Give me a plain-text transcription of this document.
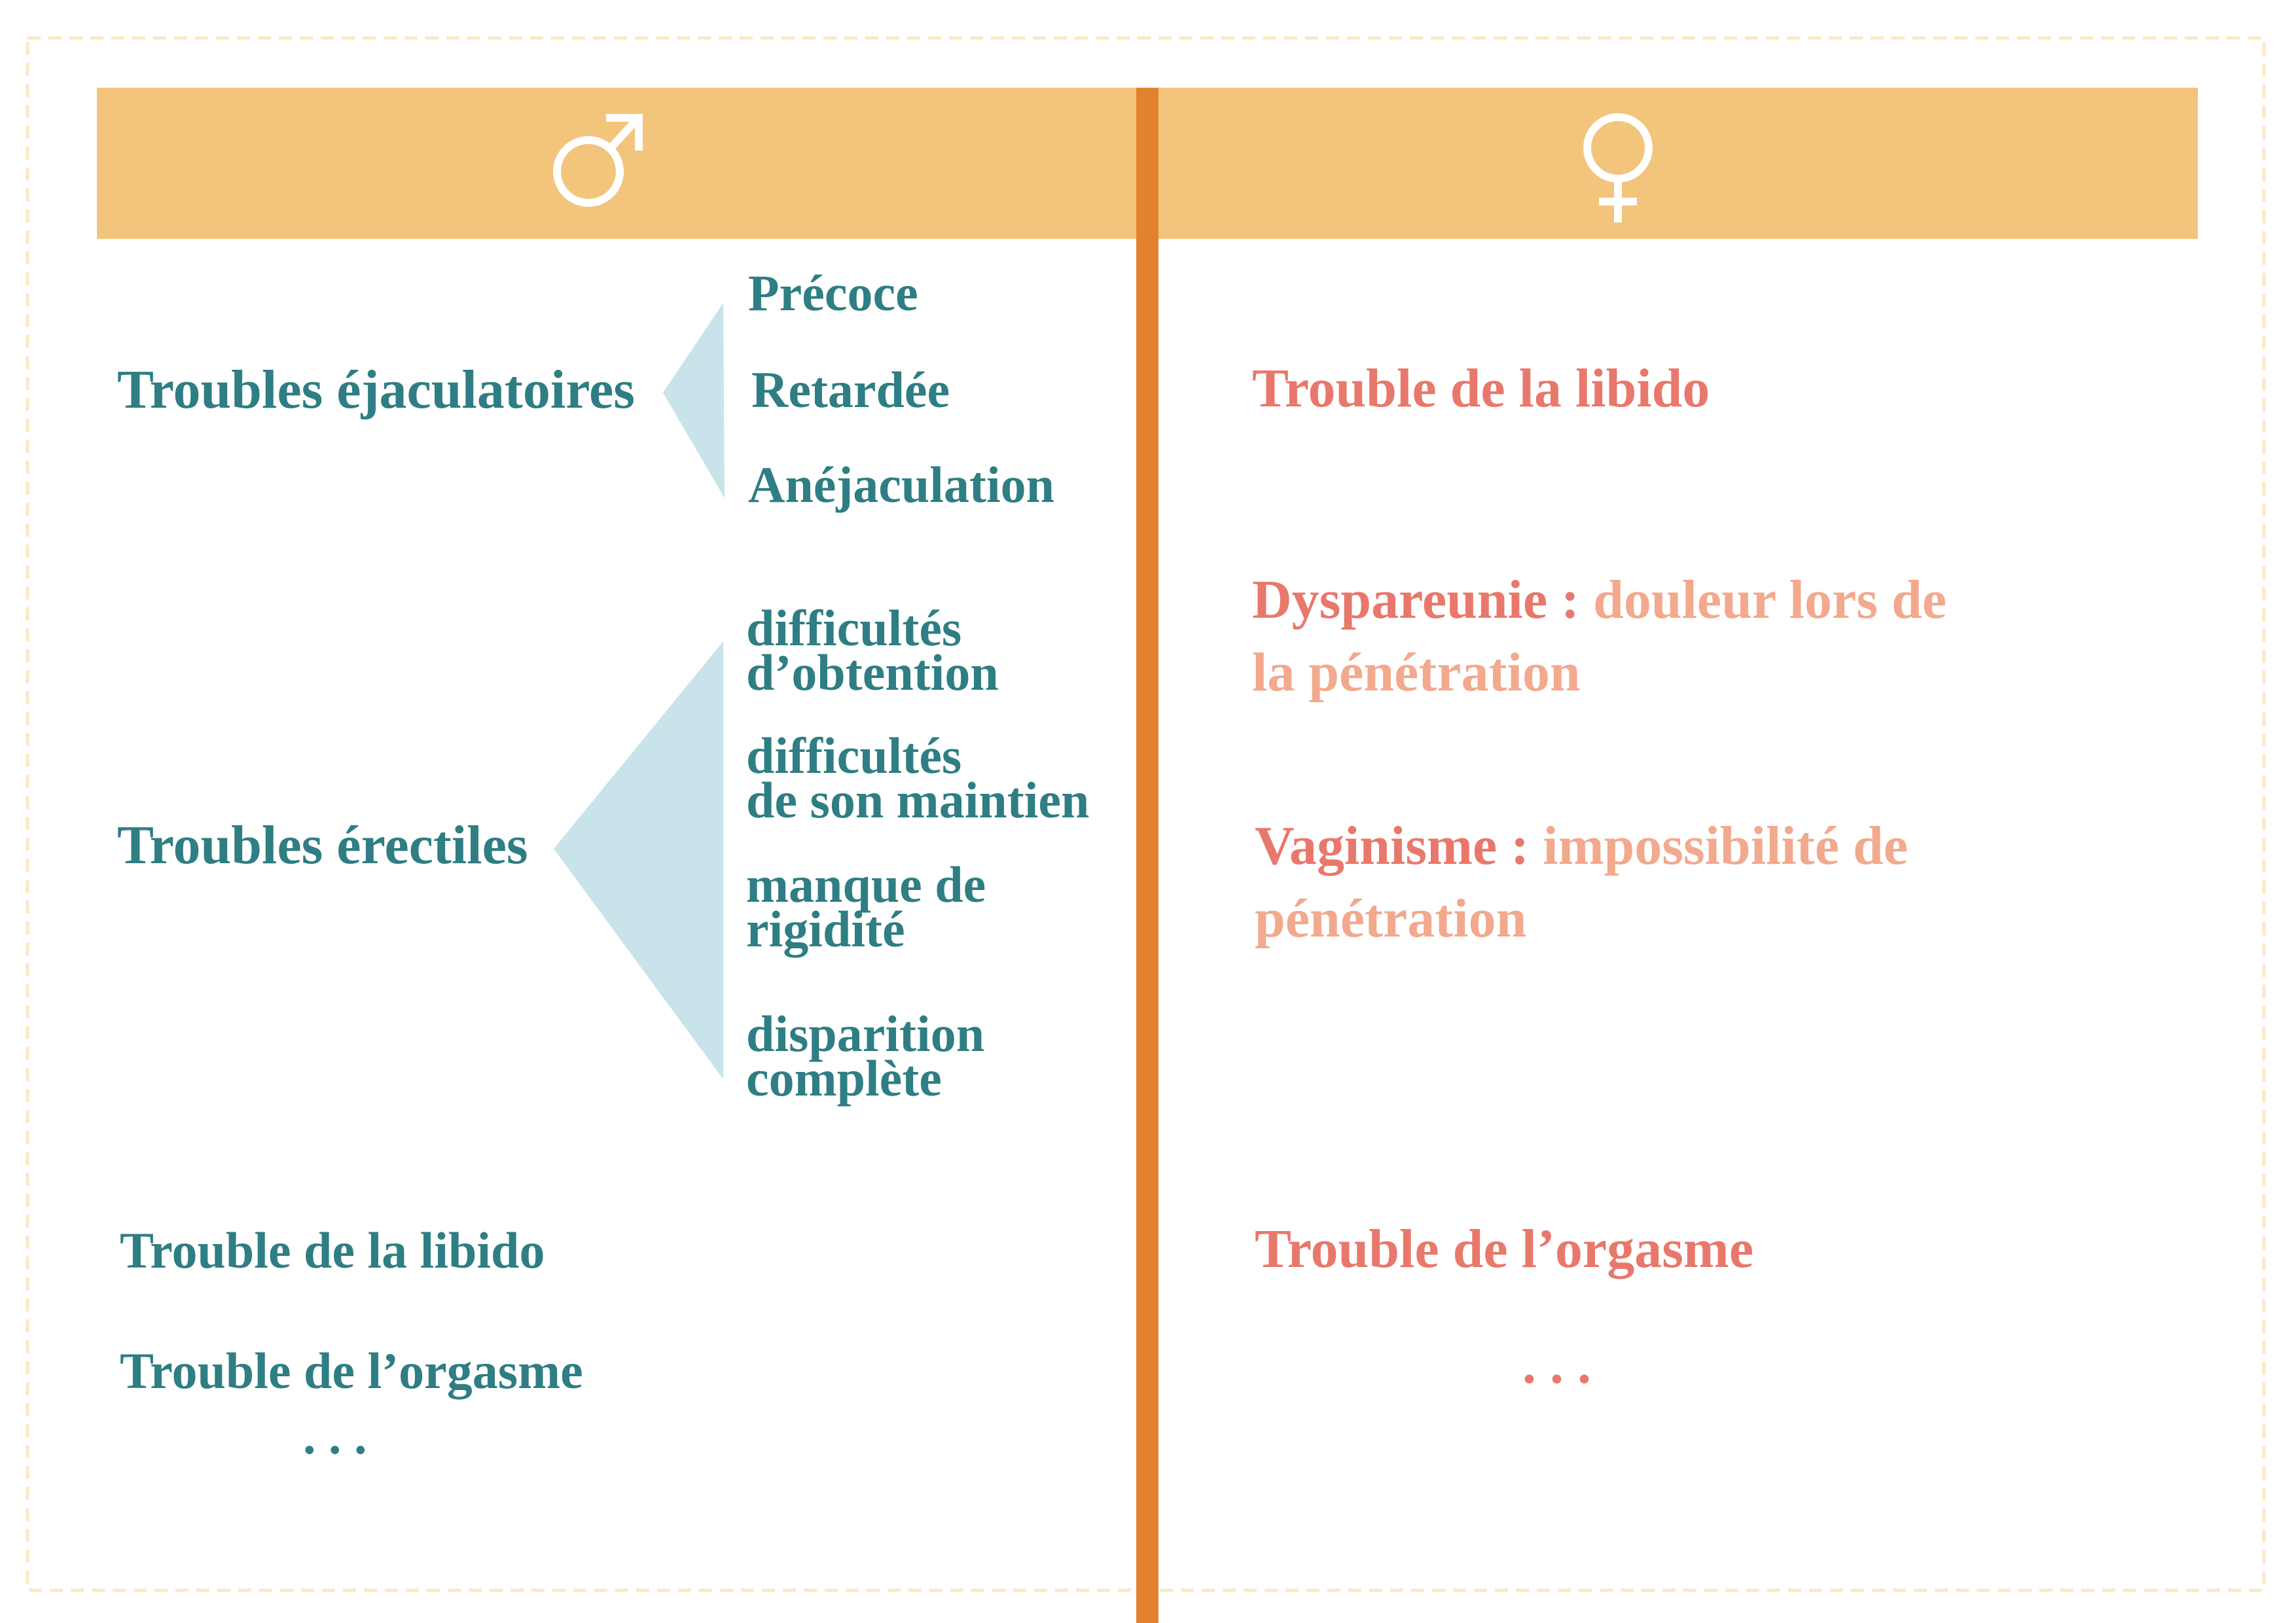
Troubles éjaculatoires
Précoce
Retardée
Anéjaculation
Troubles érectiles
difficultés
d’obtention
difficultés
de son maintien
manque de
rigidité
disparition
complète
Trouble de la libido
Trouble de l’orgasme
. . .
Trouble de la libido
Dyspareunie : douleur lors de
la pénétration
Vaginisme : impossibilité de
pénétration
Trouble de l’orgasme
. . .
